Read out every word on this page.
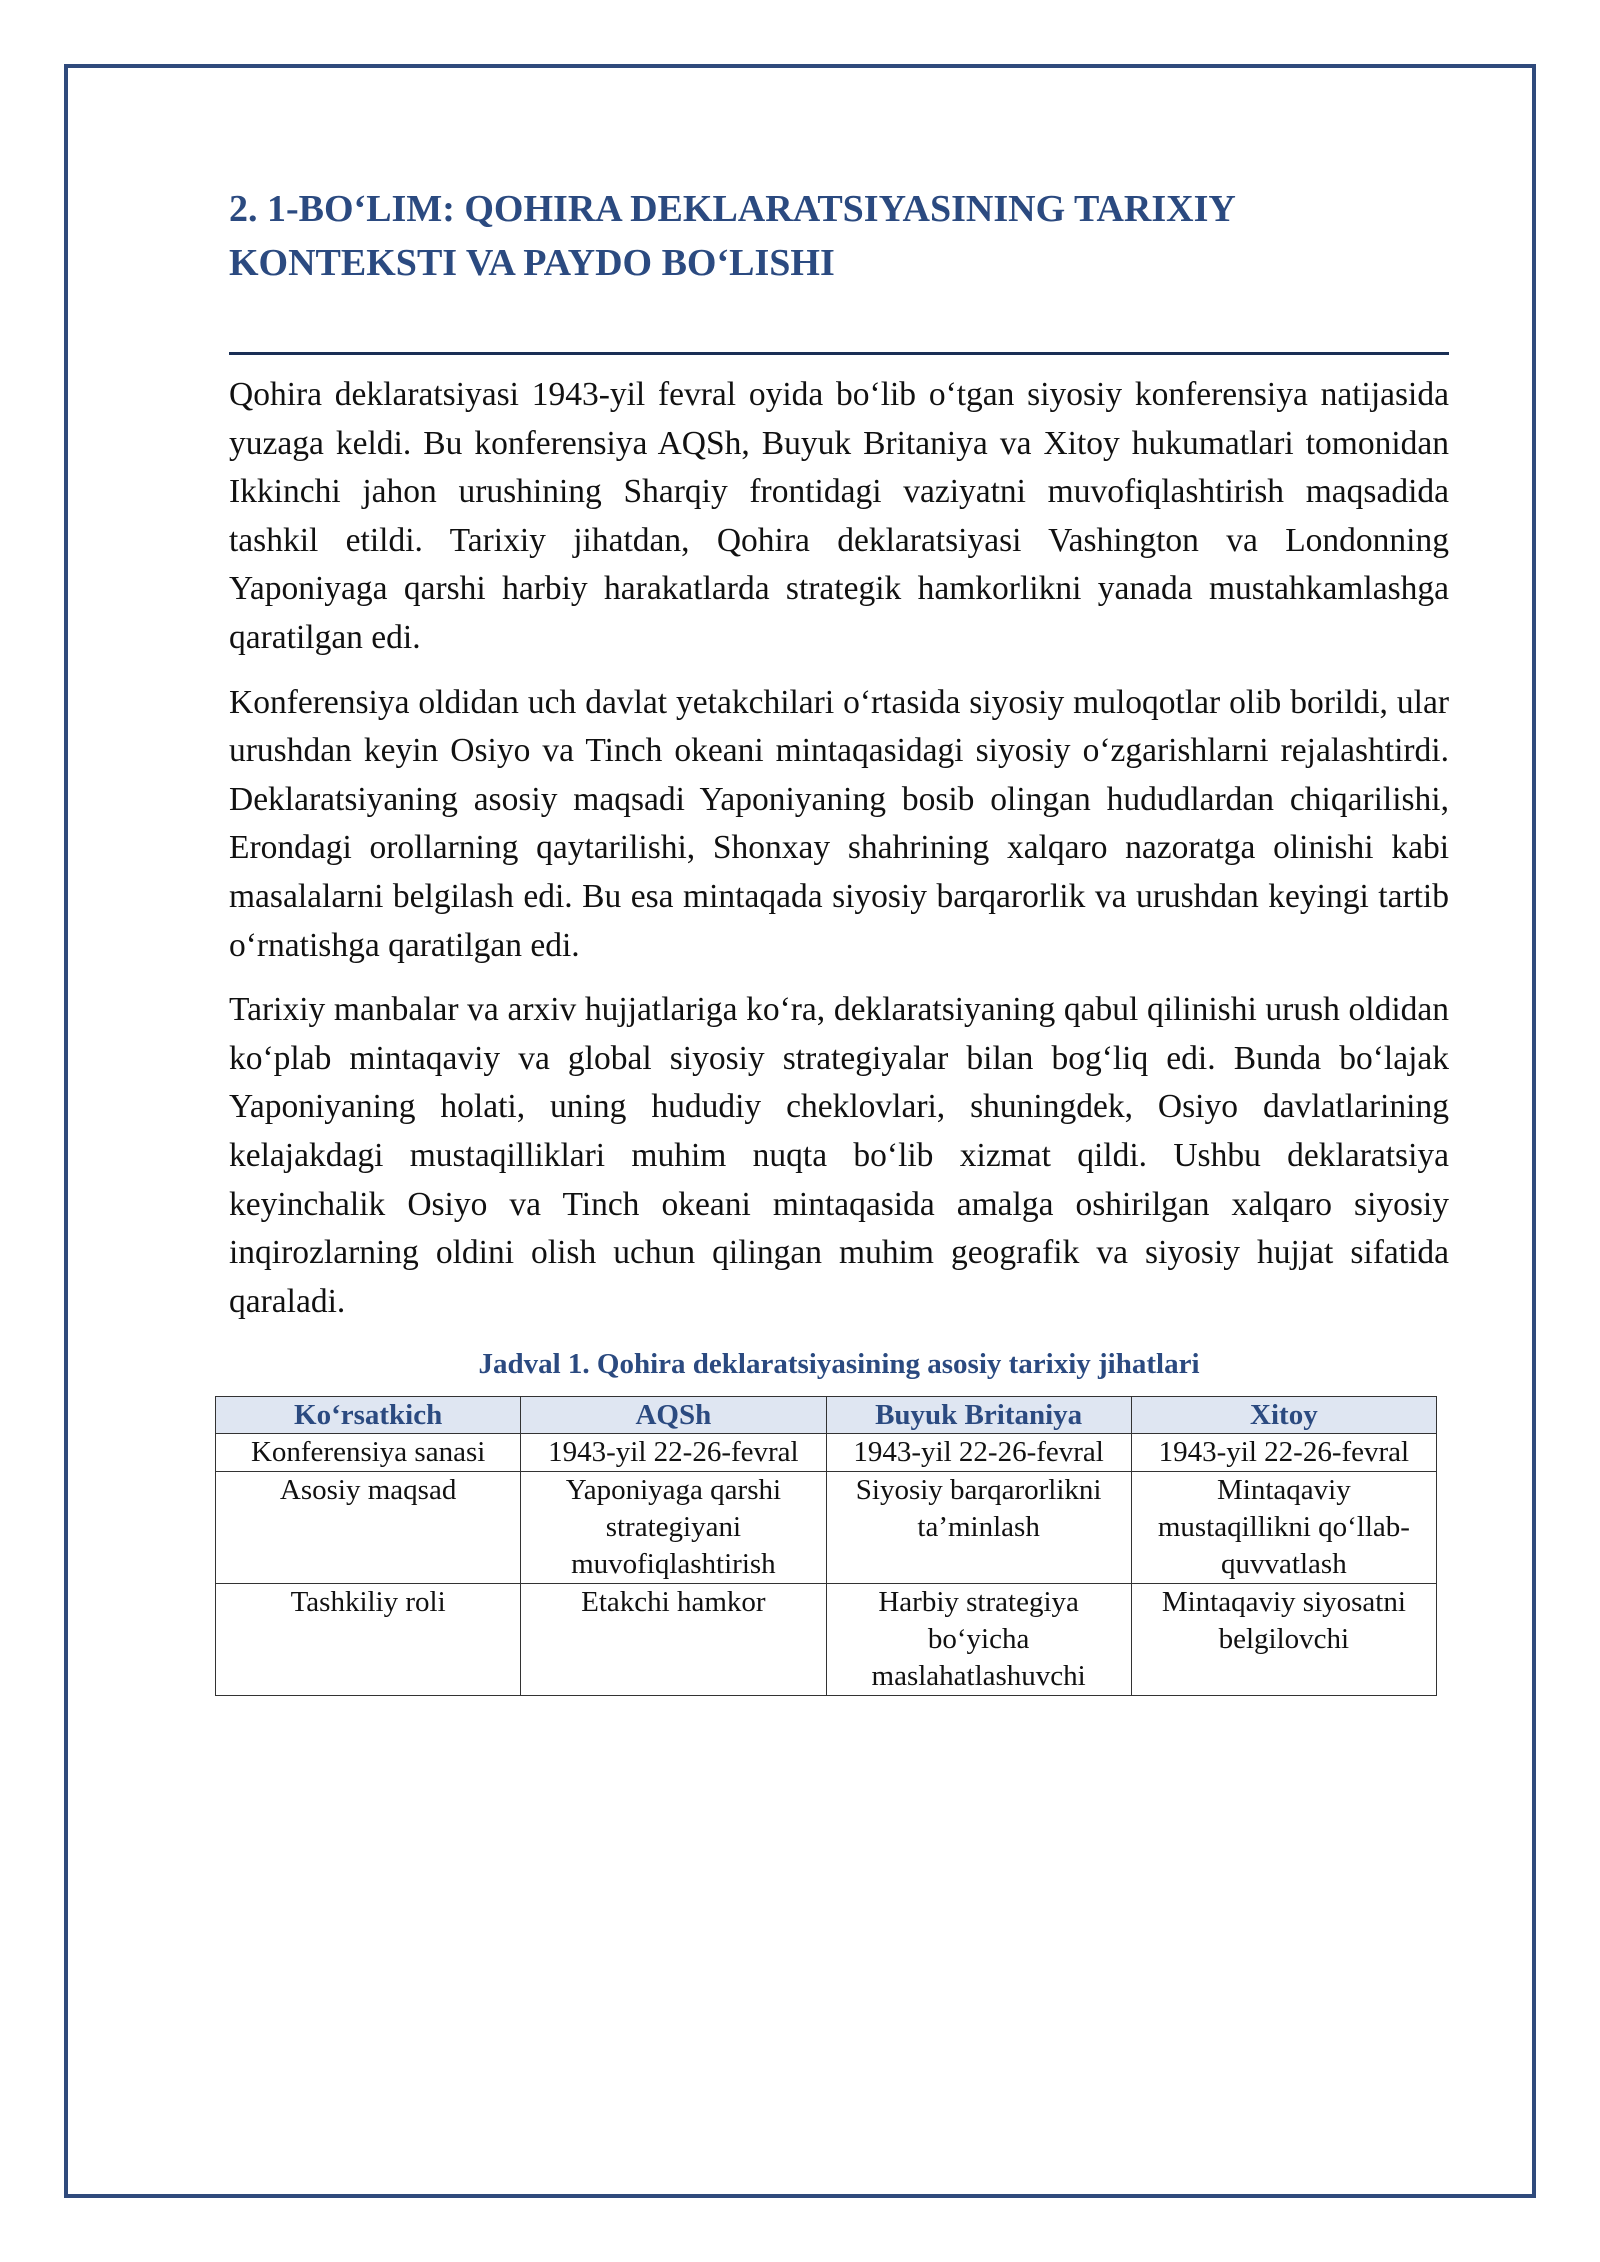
2. 1-BO‘LIM: QOHIRA DEKLARATSIYASINING TARIXIY
KONTEKSTI VA PAYDO BO‘LISHI

Qohira deklaratsiyasi 1943-yil fevral oyida bo‘lib o‘tgan siyosiy konferensiya natijasida yuzaga keldi. Bu konferensiya AQSh, Buyuk Britaniya va Xitoy hukumatlari tomonidan Ikkinchi jahon urushining Sharqiy frontidagi vaziyatni muvofiqlashtirish maqsadida tashkil etildi. Tarixiy jihatdan, Qohira deklaratsiyasi Vashington va Londonning Yaponiyaga qarshi harbiy harakatlarda strategik hamkorlikni yanada mustahkamlashga qaratilgan edi.

Konferensiya oldidan uch davlat yetakchilari o‘rtasida siyosiy muloqotlar olib borildi, ular urushdan keyin Osiyo va Tinch okeani mintaqasidagi siyosiy o‘zgarishlarni rejalashtirdi. Deklaratsiyaning asosiy maqsadi Yaponiyaning bosib olingan hududlardan chiqarilishi, Erondagi orollarning qaytarilishi, Shonxay shahrining xalqaro nazoratga olinishi kabi masalalarni belgilash edi. Bu esa mintaqada siyosiy barqarorlik va urushdan keyingi tartib o‘rnatishga qaratilgan edi.

Tarixiy manbalar va arxiv hujjatlariga ko‘ra, deklaratsiyaning qabul qilinishi urush oldidan ko‘plab mintaqaviy va global siyosiy strategiyalar bilan bog‘liq edi. Bunda bo‘lajak Yaponiyaning holati, uning hududiy cheklovlari, shuningdek, Osiyo davlatlarining kelajakdagi mustaqilliklari muhim nuqta bo‘lib xizmat qildi. Ushbu deklaratsiya keyinchalik Osiyo va Tinch okeani mintaqasida amalga oshirilgan xalqaro siyosiy inqirozlarning oldini olish uchun qilingan muhim geografik va siyosiy hujjat sifatida qaraladi.

Jadval 1. Qohira deklaratsiyasining asosiy tarixiy jihatlari

Ko‘rsatkich	AQSh	Buyuk Britaniya	Xitoy
Konferensiya sanasi	1943-yil 22-26-fevral	1943-yil 22-26-fevral	1943-yil 22-26-fevral
Asosiy maqsad	Yaponiyaga qarshi strategiyani muvofiqlashtirish	Siyosiy barqarorlikni ta’minlash	Mintaqaviy mustaqillikni qo‘llab-quvvatlash
Tashkiliy roli	Etakchi hamkor	Harbiy strategiya bo‘yicha maslahatlashuvchi	Mintaqaviy siyosatni belgilovchi
